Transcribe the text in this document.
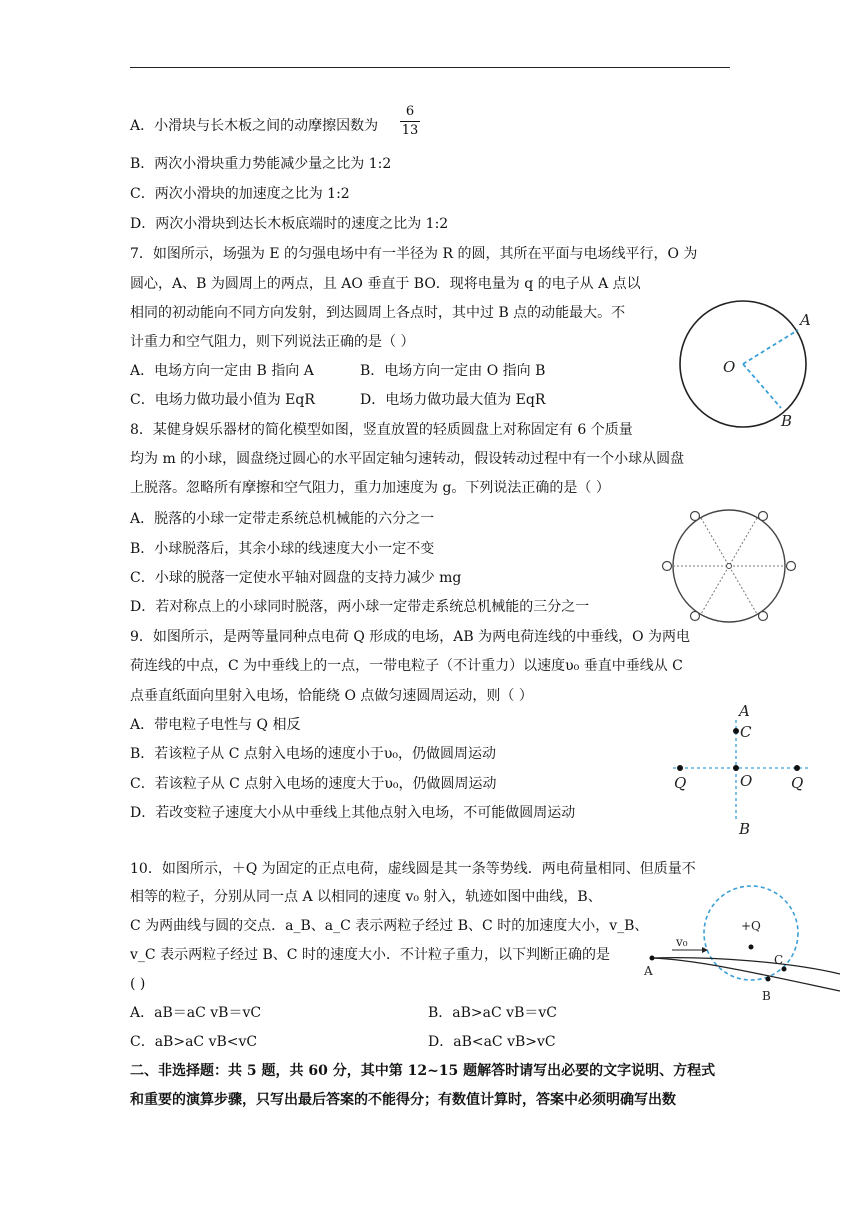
A．小滑块与长木板之间的动摩擦因数为
6
13
B．两次小滑块重力势能减少量之比为 1:2
C．两次小滑块的加速度之比为 1:2
D．两次小滑块到达长木板底端时的速度之比为 1:2
7．如图所示，场强为 E 的匀强电场中有一半径为 R 的圆，其所在平面与电场线平行，O 为
圆心，A、B 为圆周上的两点，且 AO 垂直于 BO．现将电量为 q 的电子从 A 点以
相同的初动能向不同方向发射，到达圆周上各点时，其中过 B 点的动能最大。不
计重力和空气阻力，则下列说法正确的是（ ）
A．电场方向一定由 B 指向 A	B．电场方向一定由 O 指向 B
C．电场力做功最小值为 EqR	D．电场力做功最大值为 EqR
A
O
B
8．某健身娱乐器材的简化模型如图，竖直放置的轻质圆盘上对称固定有 6 个质量
均为 m 的小球，圆盘绕过圆心的水平固定轴匀速转动，假设转动过程中有一个小球从圆盘
上脱落。忽略所有摩擦和空气阻力，重力加速度为 g。下列说法正确的是（ ）
A．脱落的小球一定带走系统总机械能的六分之一
B．小球脱落后，其余小球的线速度大小一定不变
C．小球的脱落一定使水平轴对圆盘的支持力减少 mg
D．若对称点上的小球同时脱落，两小球一定带走系统总机械能的三分之一
9．如图所示，是两等量同种点电荷 Q 形成的电场，AB 为两电荷连线的中垂线，O 为两电
荷连线的中点，C 为中垂线上的一点，一带电粒子（不计重力）以速度υ₀ 垂直中垂线从 C
点垂直纸面向里射入电场，恰能绕 O 点做匀速圆周运动，则（ ）
A．带电粒子电性与 Q 相反
B．若该粒子从 C 点射入电场的速度小于υ₀，仍做圆周运动
C．若该粒子从 C 点射入电场的速度大于υ₀，仍做圆周运动
D．若改变粒子速度大小从中垂线上其他点射入电场，不可能做圆周运动
A
C
Q	O	Q
B
10．如图所示，＋Q 为固定的正点电荷，虚线圆是其一条等势线．两电荷量相同、但质量不
相等的粒子，分别从同一点 A 以相同的速度 v₀ 射入，轨迹如图中曲线，B、
C 为两曲线与圆的交点．a_B、a_C 表示两粒子经过 B、C 时的加速度大小，v_B、
v_C 表示两粒子经过 B、C 时的速度大小．不计粒子重力，以下判断正确的是
( )
A．aB＝aC vB＝vC	B．aB>aC vB＝vC
C．aB>aC vB<vC	D．aB<aC vB>vC
+Q
v₀
A
B
C
二、非选择题：共 5 题，共 60 分，其中第 12~15 题解答时请写出必要的文字说明、方程式
和重要的演算步骤，只写出最后答案的不能得分；有数值计算时，答案中必须明确写出数
